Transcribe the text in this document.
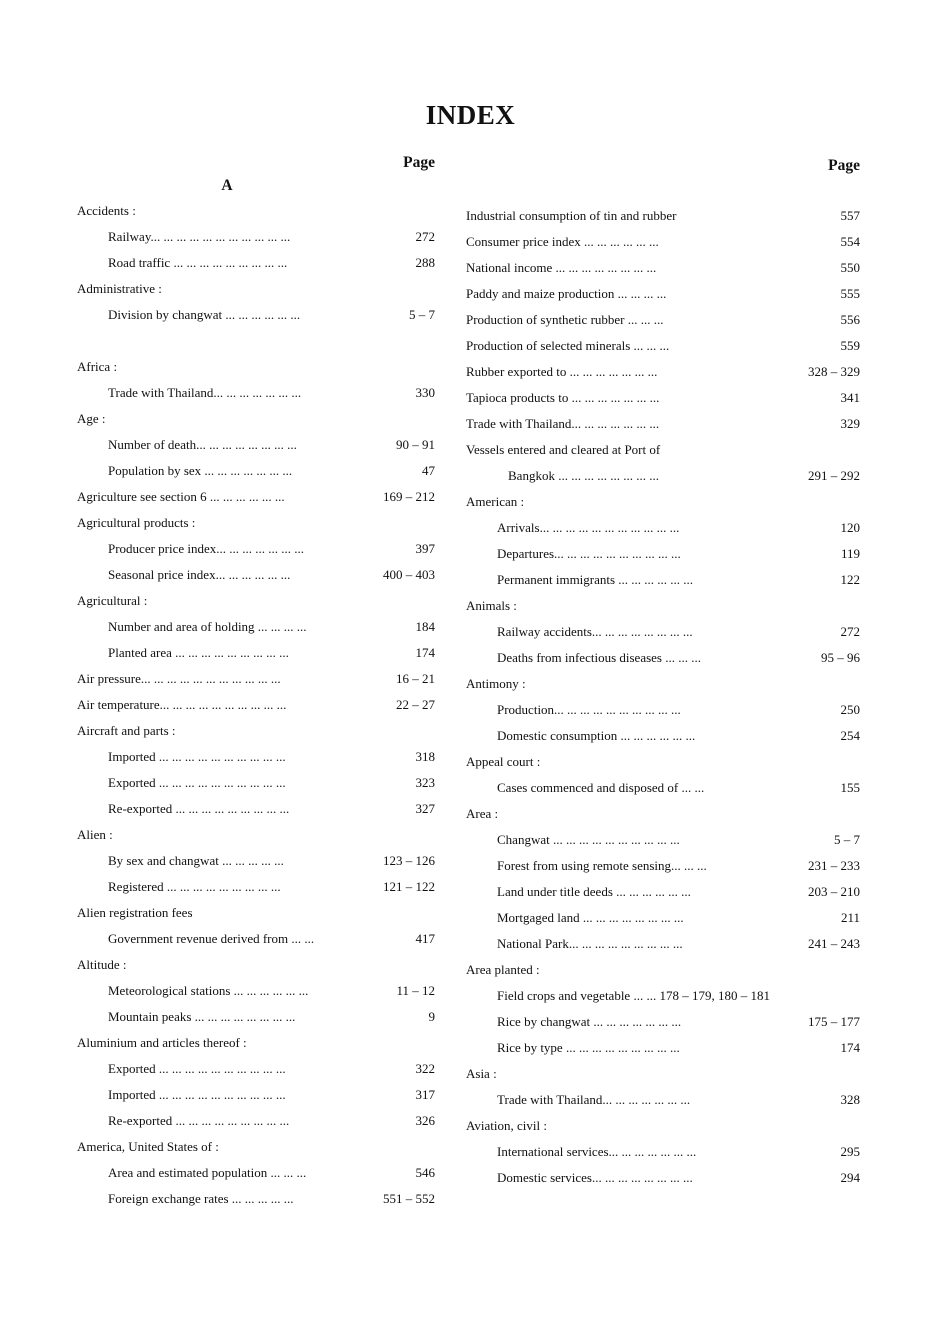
INDEX
Page
A
Accidents :
Railway... ... ... ... ... ... ... ... ... ... ...	272
Road traffic ... ... ... ... ... ... ... ... ...	288
Administrative :
Division by changwat ... ... ... ... ... ...	5 – 7
Africa :
Trade with Thailand... ... ... ... ... ... ...	330
Age :
Number of death... ... ... ... ... ... ... ...	90 – 91
Population by sex ... ... ... ... ... ... ...	47
Agriculture see section 6 ... ... ... ... ... ...	169 – 212
Agricultural products :
Producer price index... ... ... ... ... ... ...	397
Seasonal price index... ... ... ... ... ...	400 – 403
Agricultural :
Number and area of holding ... ... ... ...	184
Planted area ... ... ... ... ... ... ... ... ...	174
Air pressure... ... ... ... ... ... ... ... ... ... ...	16 – 21
Air temperature... ... ... ... ... ... ... ... ... ...	22 – 27
Aircraft and parts :
Imported ... ... ... ... ... ... ... ... ... ...	318
Exported ... ... ... ... ... ... ... ... ... ...	323
Re-exported ... ... ... ... ... ... ... ... ...	327
Alien :
By sex and changwat ... ... ... ... ...	123 – 126
Registered ... ... ... ... ... ... ... ... ...	121 – 122
Alien registration fees
Government revenue derived from ... ...	417
Altitude :
Meteorological stations ... ... ... ... ... ...	11 – 12
Mountain peaks ... ... ... ... ... ... ... ...	9
Aluminium and articles thereof :
Exported ... ... ... ... ... ... ... ... ... ...	322
Imported ... ... ... ... ... ... ... ... ... ...	317
Re-exported ... ... ... ... ... ... ... ... ...	326
America, United States of :
Area and estimated population ... ... ...	546
Foreign exchange rates ... ... ... ... ...	551 – 552
Page
Industrial consumption of tin and rubber	557
Consumer price index ... ... ... ... ... ...	554
National income ... ... ... ... ... ... ... ...	550
Paddy and maize production ... ... ... ...	555
Production of synthetic rubber ... ... ...	556
Production of selected minerals ... ... ...	559
Rubber exported to ... ... ... ... ... ... ...	328 – 329
Tapioca products to ... ... ... ... ... ... ...	341
Trade with Thailand... ... ... ... ... ... ...	329
Vessels entered and cleared at Port of
Bangkok ... ... ... ... ... ... ... ...	291 – 292
American :
Arrivals... ... ... ... ... ... ... ... ... ... ...	120
Departures... ... ... ... ... ... ... ... ... ...	119
Permanent immigrants ... ... ... ... ... ...	122
Animals :
Railway accidents... ... ... ... ... ... ... ...	272
Deaths from infectious diseases ... ... ...	95 – 96
Antimony :
Production... ... ... ... ... ... ... ... ... ...	250
Domestic consumption ... ... ... ... ... ...	254
Appeal court :
Cases commenced and disposed of ... ...	155
Area :
Changwat ... ... ... ... ... ... ... ... ... ...	5 – 7
Forest from using remote sensing... ... ...	231 – 233
Land under title deeds ... ... ... ... ... ...	203 – 210
Mortgaged land ... ... ... ... ... ... ... ...	211
National Park... ... ... ... ... ... ... ... ...	241 – 243
Area planted :
Field crops and vegetable ... ... 178 – 179, 180 – 181
Rice by changwat ... ... ... ... ... ... ...	175 – 177
Rice by type ... ... ... ... ... ... ... ... ...	174
Asia :
Trade with Thailand... ... ... ... ... ... ...	328
Aviation, civil :
International services... ... ... ... ... ... ...	295
Domestic services... ... ... ... ... ... ... ...	294
